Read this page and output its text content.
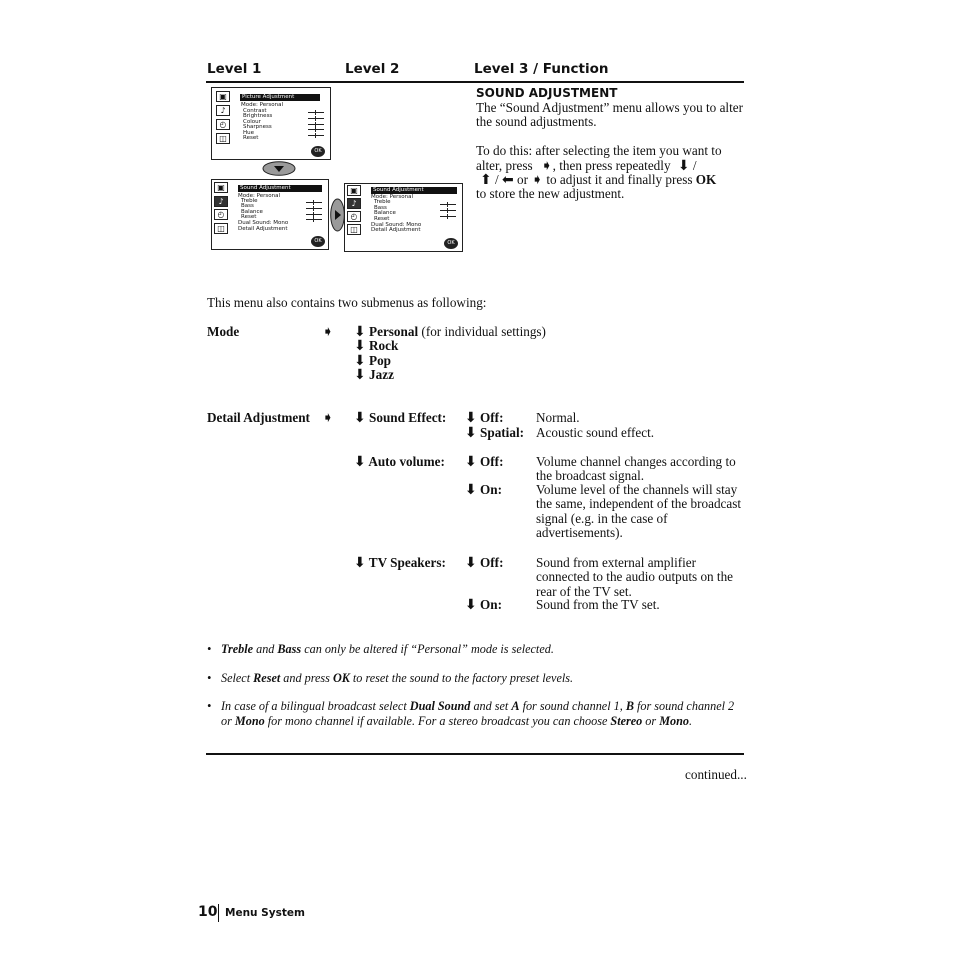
Level 1	Level 2	Level 3 / Function
▣
♪
◴
◫
Picture Adjustment
Mode: Personal
Contrast
Brightness
Colour
Sharpness
Hue
Reset
OK
▣
♪
◴
◫
Sound Adjustment
Mode: Personal
Treble
Bass
Balance
Reset
Dual Sound: Mono
Detail Adjustment
OK
▣
♪
◴
◫
Sound Adjustment
Mode: Personal
Treble
Bass
Balance
Reset
Dual Sound: Mono
Detail Adjustment
OK
SOUND ADJUSTMENT
The “Sound Adjustment” menu allows you to alter the sound adjustments.
To do this: after selecting the item you want to
alter, press ➧, then press repeatedly ⬇ /
⬆ / ⬅ or ➧ to adjust it and finally press OK
to store the new adjustment.
This menu also contains two submenus as following:
Mode	➧ ⬇ Personal (for individual settings)
⬇ Rock
⬇ Pop
⬇ Jazz
Detail Adjustment ➧ ⬇ Sound Effect: ⬇ Off: Normal.
⬇ Spatial: Acoustic sound effect.
⬇ Auto volume: ⬇ Off: Volume channel changes according to the broadcast signal.
⬇ On:	Volume level of the channels will stay the same, independent of the broadcast signal (e.g. in the case of advertisements).
⬇ TV Speakers: ⬇ Off: Sound from external amplifier connected to the audio outputs on the rear of the TV set.
⬇ On:	Sound from the TV set.
• Treble and Bass can only be altered if “Personal” mode is selected.
• Select Reset and press OK to reset the sound to the factory preset levels.
• In case of a bilingual broadcast select Dual Sound and set A for sound channel 1, B for sound channel 2 or Mono for mono channel if available. For a stereo broadcast you can choose Stereo or Mono.
continued...
10 Menu System
